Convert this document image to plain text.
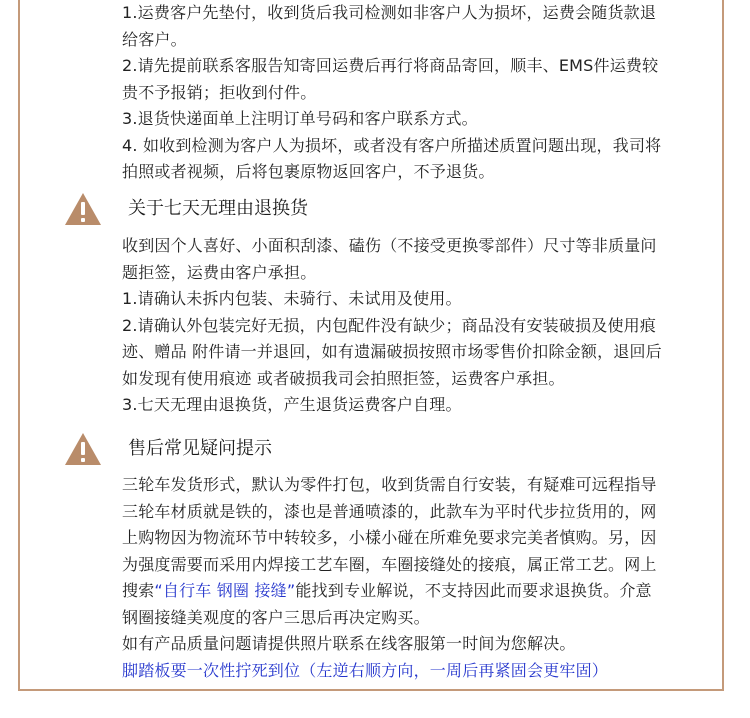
1.运费客户先垫付，收到货后我司检测如非客户人为损坏，运费会随货款退
给客户。
2.请先提前联系客服告知寄回运费后再行将商品寄回，顺丰、EMS件运费较
贵不予报销；拒收到付件。
3.退货快递面单上注明订单号码和客户联系方式。
4. 如收到检测为客户人为损坏，或者没有客户所描述质置问题出现，我司将
拍照或者视频，后将包裹原物返回客户，不予退货。
关于七天无理由退换货
收到因个人喜好、小面积刮漆、磕伤（不接受更换零部件）尺寸等非质量问
题拒签，运费由客户承担。
1.请确认未拆内包装、未骑行、未试用及使用。
2.请确认外包装完好无损，内包配件没有缺少；商品没有安装破损及使用痕
迹、赠品 附件请一并退回，如有遗漏破损按照市场零售价扣除金额，退回后
如发现有使用痕迹 或者破损我司会拍照拒签，运费客户承担。
3.七天无理由退换货，产生退货运费客户自理。
售后常见疑问提示
三轮车发货形式，默认为零件打包，收到货需自行安装，有疑难可远程指导
三轮车材质就是铁的，漆也是普通喷漆的，此款车为平时代步拉货用的，网
上购物因为物流环节中转较多，小樣小碰在所难免要求完美者慎购。另，因
为强度需要而采用内焊接工艺车圈，车圈接缝处的接痕，属正常工艺。网上
搜索“自行车 钢圈 接缝”能找到专业解说，不支持因此而要求退换货。介意
钢圈接缝美观度的客户三思后再决定购买。
如有产品质量问题请提供照片联系在线客服第一时间为您解决。
脚踏板要一次性拧死到位（左逆右顺方向，一周后再紧固会更牢固）
